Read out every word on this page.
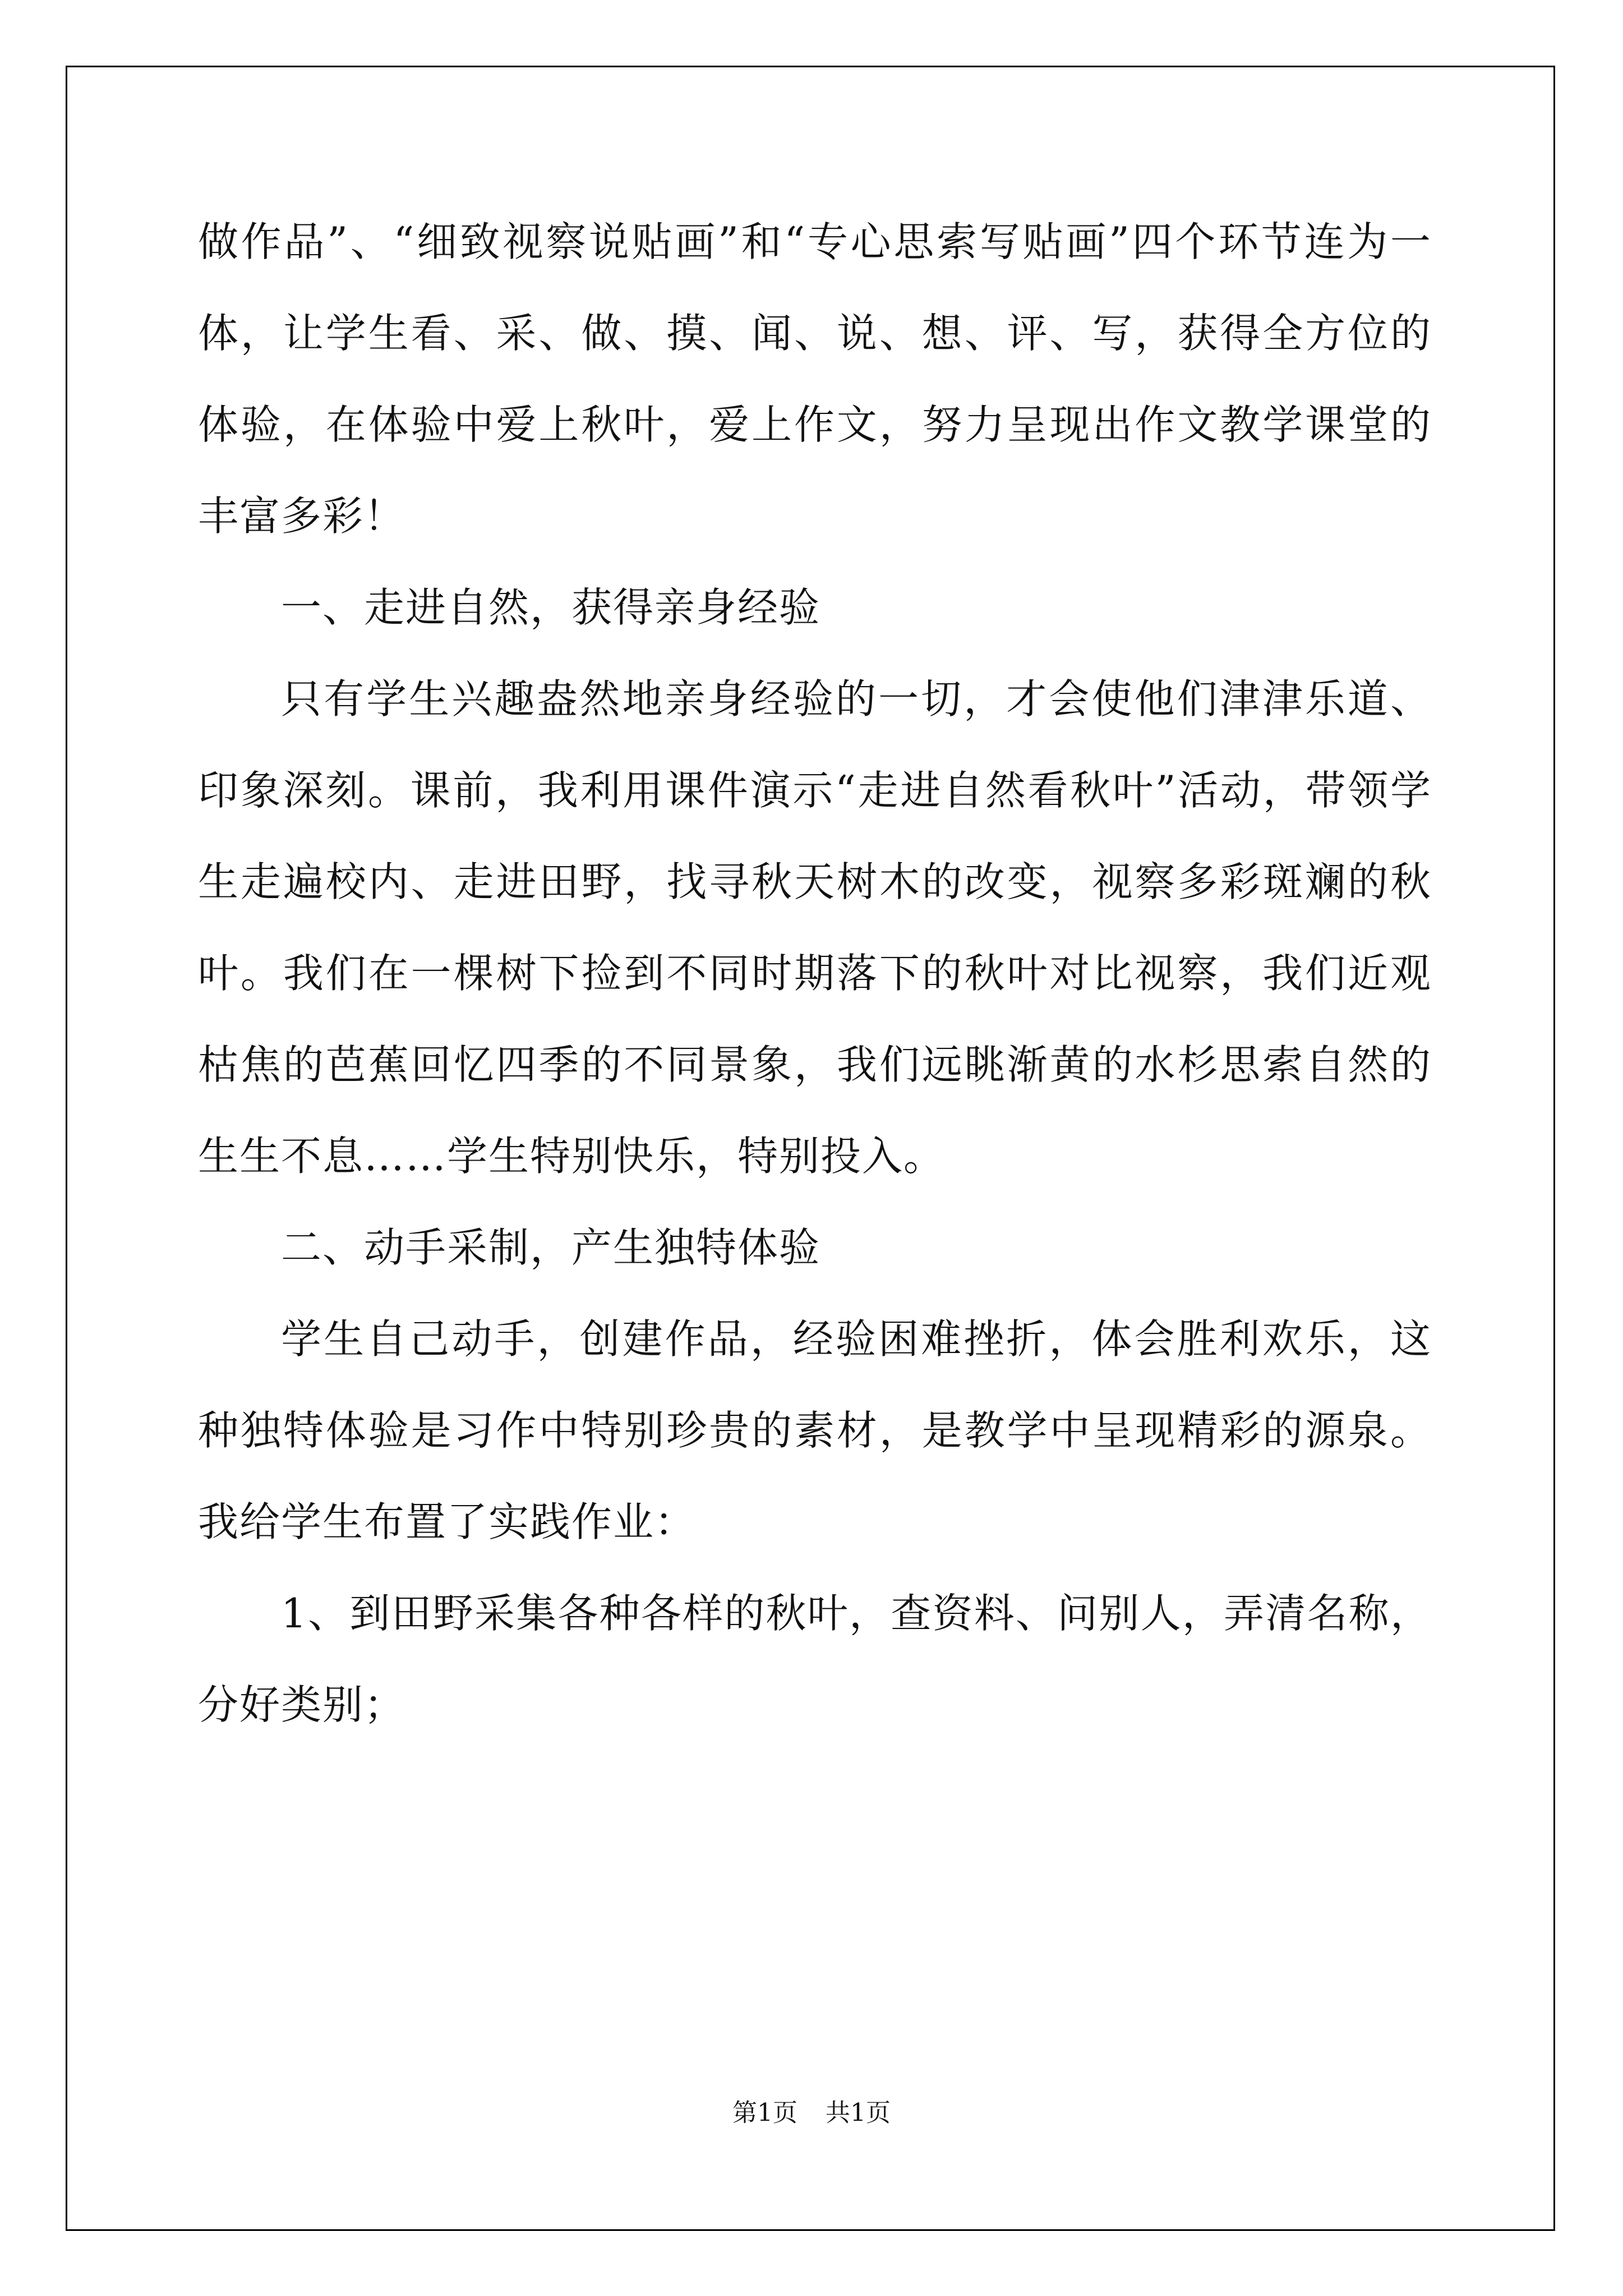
做作品”、“细致视察说贴画”和“专心思索写贴画”四个环节连为一体，让学生看、采、做、摸、闻、说、想、评、写，获得全方位的体验，在体验中爱上秋叶，爱上作文，努力呈现出作文教学课堂的丰富多彩！

一、走进自然，获得亲身经验

只有学生兴趣盎然地亲身经验的一切，才会使他们津津乐道、印象深刻。课前，我利用课件演示“走进自然看秋叶”活动，带领学生走遍校内、走进田野，找寻秋天树木的改变，视察多彩斑斓的秋叶。我们在一棵树下捡到不同时期落下的秋叶对比视察，我们近观枯焦的芭蕉回忆四季的不同景象，我们远眺渐黄的水杉思索自然的生生不息……学生特别快乐，特别投入。

二、动手采制，产生独特体验

学生自己动手，创建作品，经验困难挫折，体会胜利欢乐，这种独特体验是习作中特别珍贵的素材，是教学中呈现精彩的源泉。我给学生布置了实践作业：

1、到田野采集各种各样的秋叶，查资料、问别人，弄清名称，分好类别；

第1页 共1页
